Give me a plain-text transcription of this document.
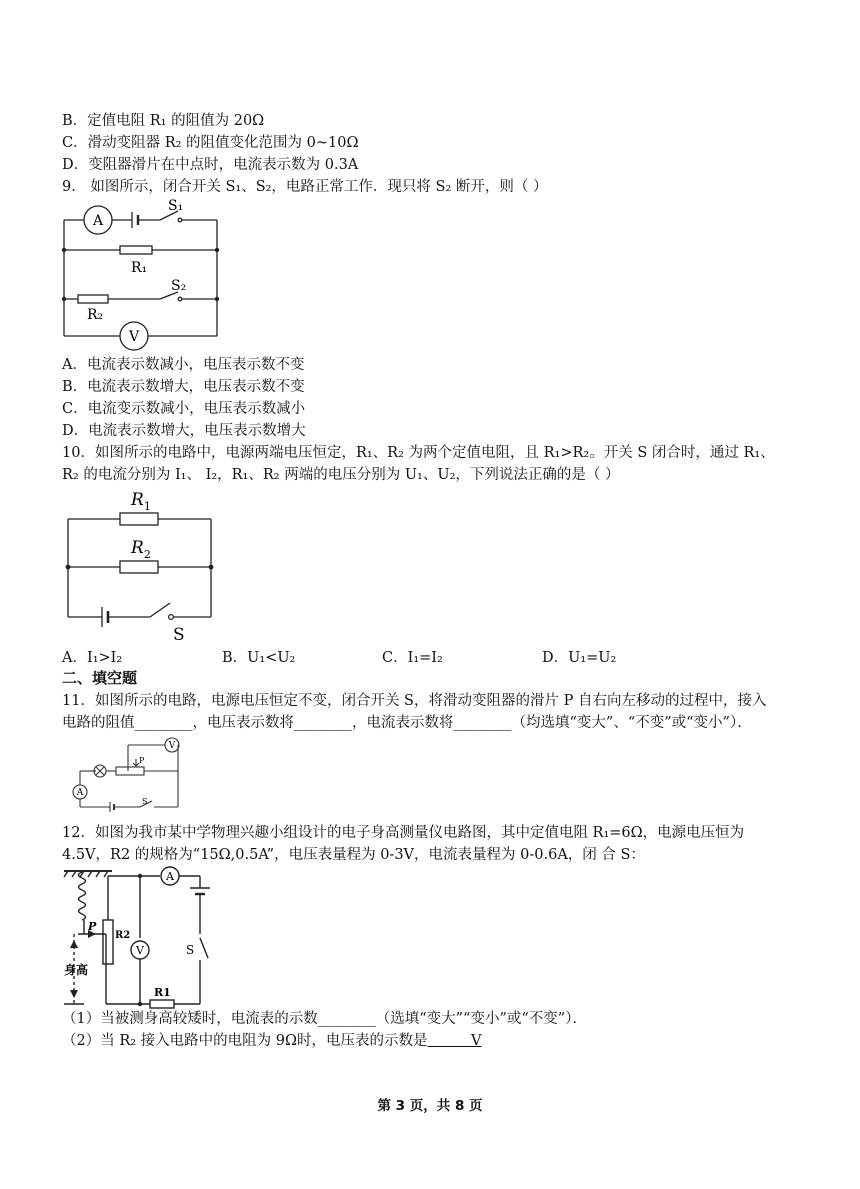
B．定值电阻 R₁ 的阻值为 20Ω
C．滑动变阻器 R₂ 的阻值变化范围为 0~10Ω
D．变阻器滑片在中点时，电流表示数为 0.3A
9． 如图所示，闭合开关 S₁、S₂，电路正常工作．现只将 S₂ 断开，则（ ）
A
S₁
R₁
S₂
R₂
V
A．电流表示数减小，电压表示数不变
B．电流表示数增大，电压表示数不变
C．电流变示数减小，电压表示数减小
D．电流表示数增大，电压表示数增大
10．如图所示的电路中，电源两端电压恒定，R₁、R₂ 为两个定值电阻，且 R₁>R₂。开关 S 闭合时，通过 R₁、
R₂ 的电流分别为 I₁、 I₂，R₁、R₂ 两端的电压分别为 U₁、U₂，下列说法正确的是（ ）
$R_1$
$R_2$
S
A．I₁>I₂	B．U₁<U₂	C．I₁=I₂	D．U₁=U₂
二、填空题
11．如图所示的电路，电源电压恒定不变，闭合开关 S，将滑动变阻器的滑片 P 自右向左移动的过程中，接入
电路的阻值________，电压表示数将________，电流表示数将________（均选填“变大”、“不变”或“变小”）．
V
A
P
S
12．如图为我市某中学物理兴趣小组设计的电子身高测量仪电路图，其中定值电阻 R₁=6Ω，电源电压恒为
4.5V，R2 的规格为“15Ω,0.5A”，电压表量程为 0-3V，电流表量程为 0-0.6A，闭 合 S：
A
V
P
R2
S
R1
身高
（1）当被测身高较矮时，电流表的示数________（选填“变大”“变小”或“不变”）．
（2）当 R₂ 接入电路中的电阻为 9Ω时，电压表的示数是	V
第 3 页，共 8 页
